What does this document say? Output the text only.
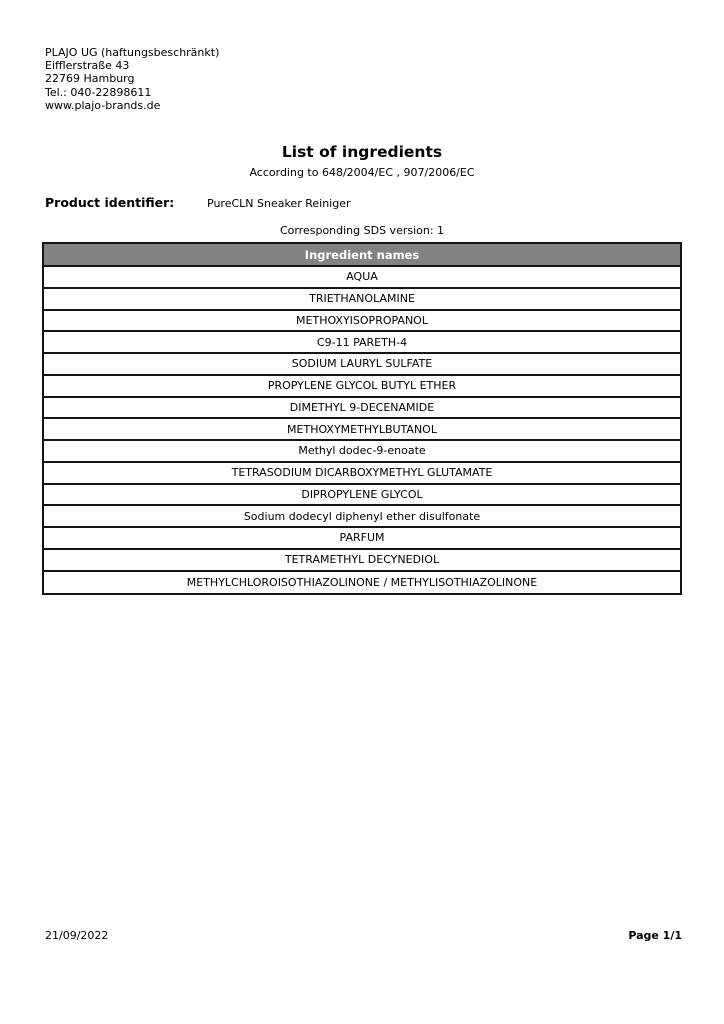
PLAJO UG (haftungsbeschränkt)
Eifflerstraße 43
22769 Hamburg
Tel.: 040-22898611
www.plajo-brands.de
List of ingredients
According to 648/2004/EC , 907/2006/EC
Product identifier:	PureCLN Sneaker Reiniger
Corresponding SDS version: 1
Ingredient names
AQUA
TRIETHANOLAMINE
METHOXYISOPROPANOL
C9-11 PARETH-4
SODIUM LAURYL SULFATE
PROPYLENE GLYCOL BUTYL ETHER
DIMETHYL 9-DECENAMIDE
METHOXYMETHYLBUTANOL
Methyl dodec-9-enoate
TETRASODIUM DICARBOXYMETHYL GLUTAMATE
DIPROPYLENE GLYCOL
Sodium dodecyl diphenyl ether disulfonate
PARFUM
TETRAMETHYL DECYNEDIOL
METHYLCHLOROISOTHIAZOLINONE / METHYLISOTHIAZOLINONE
21/09/2022	Page 1/1
